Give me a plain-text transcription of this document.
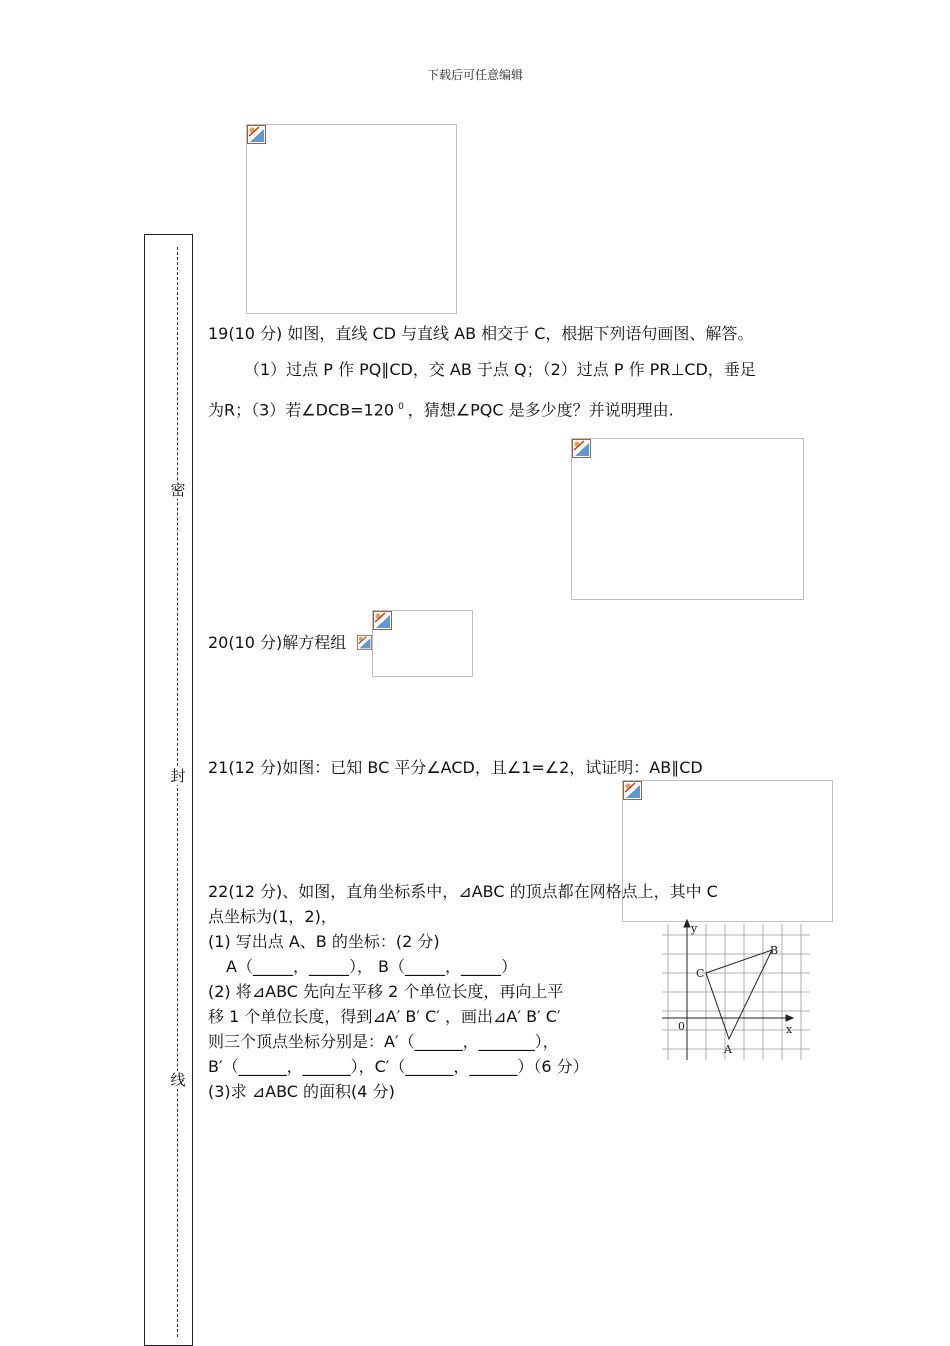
下载后可任意编辑
密
封
线
19(10 分) 如图，直线 CD 与直线 AB 相交于 C，根据下列语句画图、解答。
（1）过点 P 作 PQ∥CD，交 AB 于点 Q；（2）过点 P 作 PR⊥CD，垂足
为R；（3）若∠DCB=120 $^0$ ，猜想∠PQC 是多少度？并说明理由.
20(10 分)解方程组
21(12 分)如图：已知 BC 平分∠ACD，且∠1=∠2，试证明：AB∥CD
22(12 分)、如图，直角坐标系中，⊿ABC 的顶点都在网格点上，其中 C
点坐标为(1，2)，
(1) 写出点 A、B 的坐标：(2 分)
A（_____，_____）， B（_____，_____）
(2) 将⊿ABC 先向左平移 2 个单位长度，再向上平
移 1 个单位长度，得到⊿A′ B′ C′ ，画出⊿A′ B′ C′
则三个顶点坐标分别是：A′（______，_______），
B′（______，______），C′（______，______）（6 分）
(3)求 ⊿ABC 的面积(4 分)
y
x
0
A
B
C
